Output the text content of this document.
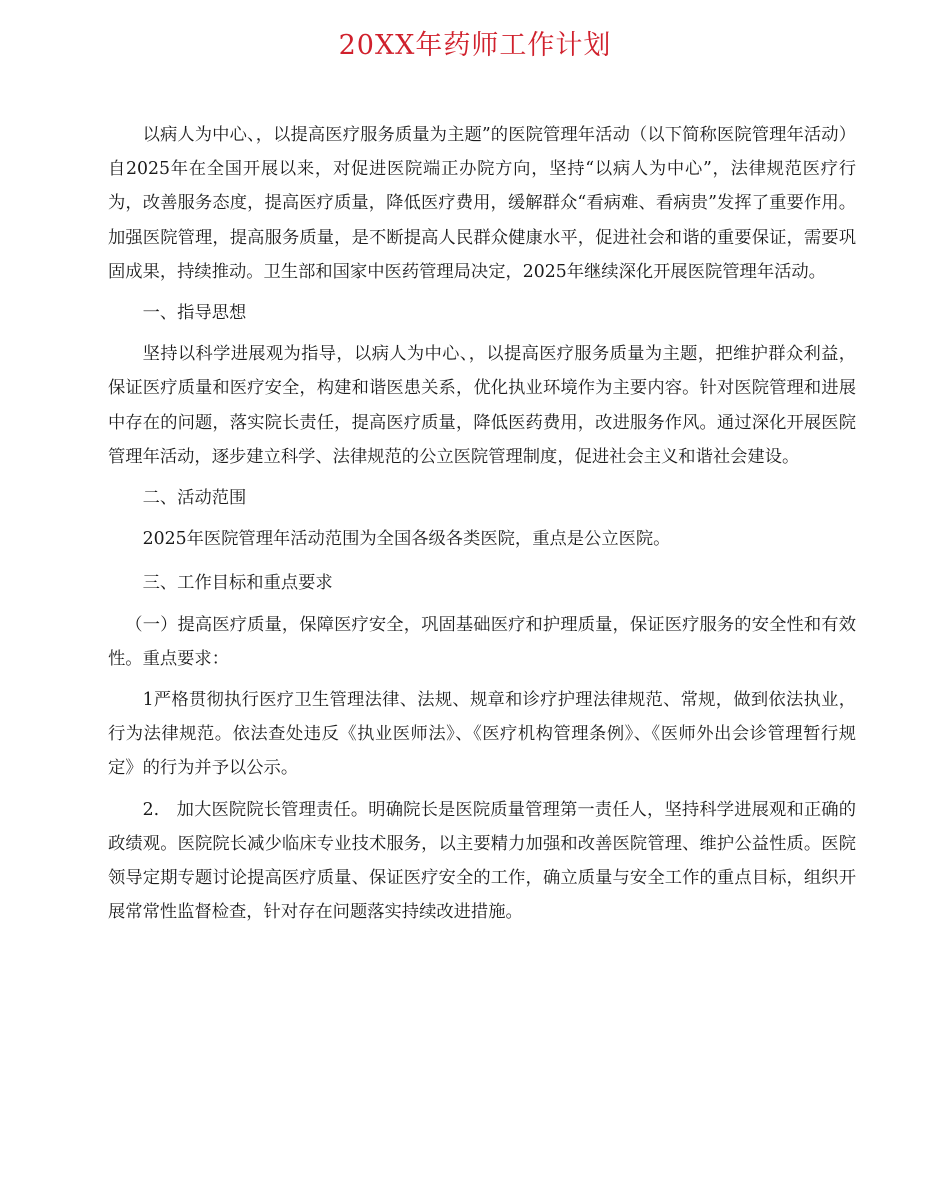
20XX年药师工作计划

以病人为中心、，以提高医疗服务质量为主题”的医院管理年活动（以下简称医院管理年活动）自2025年在全国开展以来，对促进医院端正办院方向，坚持“以病人为中心”，法律规范医疗行为，改善服务态度，提高医疗质量，降低医疗费用，缓解群众“看病难、看病贵”发挥了重要作用。加强医院管理，提高服务质量，是不断提高人民群众健康水平，促进社会和谐的重要保证，需要巩固成果，持续推动。卫生部和国家中医药管理局决定，2025年继续深化开展医院管理年活动。

一、指导思想

坚持以科学进展观为指导，以病人为中心、，以提高医疗服务质量为主题，把维护群众利益，保证医疗质量和医疗安全，构建和谐医患关系，优化执业环境作为主要内容。针对医院管理和进展中存在的问题，落实院长责任，提高医疗质量，降低医药费用，改进服务作风。通过深化开展医院管理年活动，逐步建立科学、法律规范的公立医院管理制度，促进社会主义和谐社会建设。

二、活动范围

2025年医院管理年活动范围为全国各级各类医院，重点是公立医院。

三、工作目标和重点要求

（一）提高医疗质量，保障医疗安全，巩固基础医疗和护理质量，保证医疗服务的安全性和有效性。重点要求：

1严格贯彻执行医疗卫生管理法律、法规、规章和诊疗护理法律规范、常规，做到依法执业，行为法律规范。依法查处违反《执业医师法》、《医疗机构管理条例》、《医师外出会诊管理暂行规定》的行为并予以公示。

2.　加大医院院长管理责任。明确院长是医院质量管理第一责任人，坚持科学进展观和正确的政绩观。医院院长减少临床专业技术服务，以主要精力加强和改善医院管理、维护公益性质。医院领导定期专题讨论提高医疗质量、保证医疗安全的工作，确立质量与安全工作的重点目标，组织开展常常性监督检查，针对存在问题落实持续改进措施。
